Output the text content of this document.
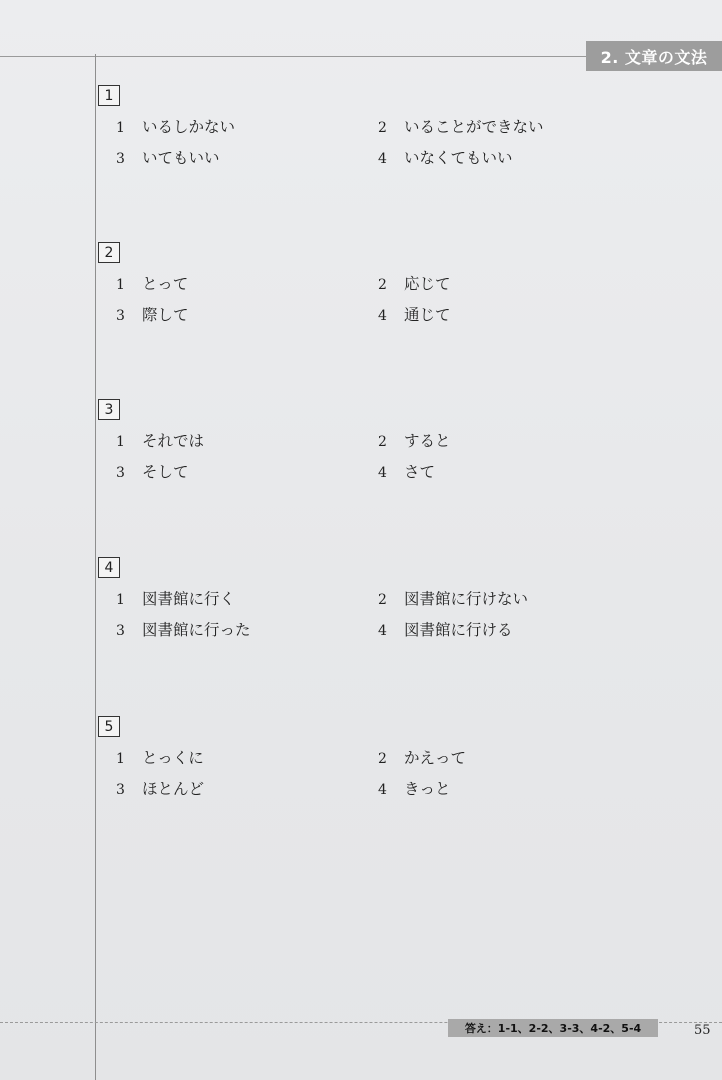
2. 文章の文法
1
1 いるしかない	2 いることができない
3 いてもいい	4 いなくてもいい
2
1 とって	2 応じて
3 際して	4 通じて
3
1 それでは	2 すると
3 そして	4 さて
4
1 図書館に行く	2 図書館に行けない
3 図書館に行った	4 図書館に行ける
5
1 とっくに	2 かえって
3 ほとんど	4 きっと
答え：1-1、2-2、3-3、4-2、5-4	55
